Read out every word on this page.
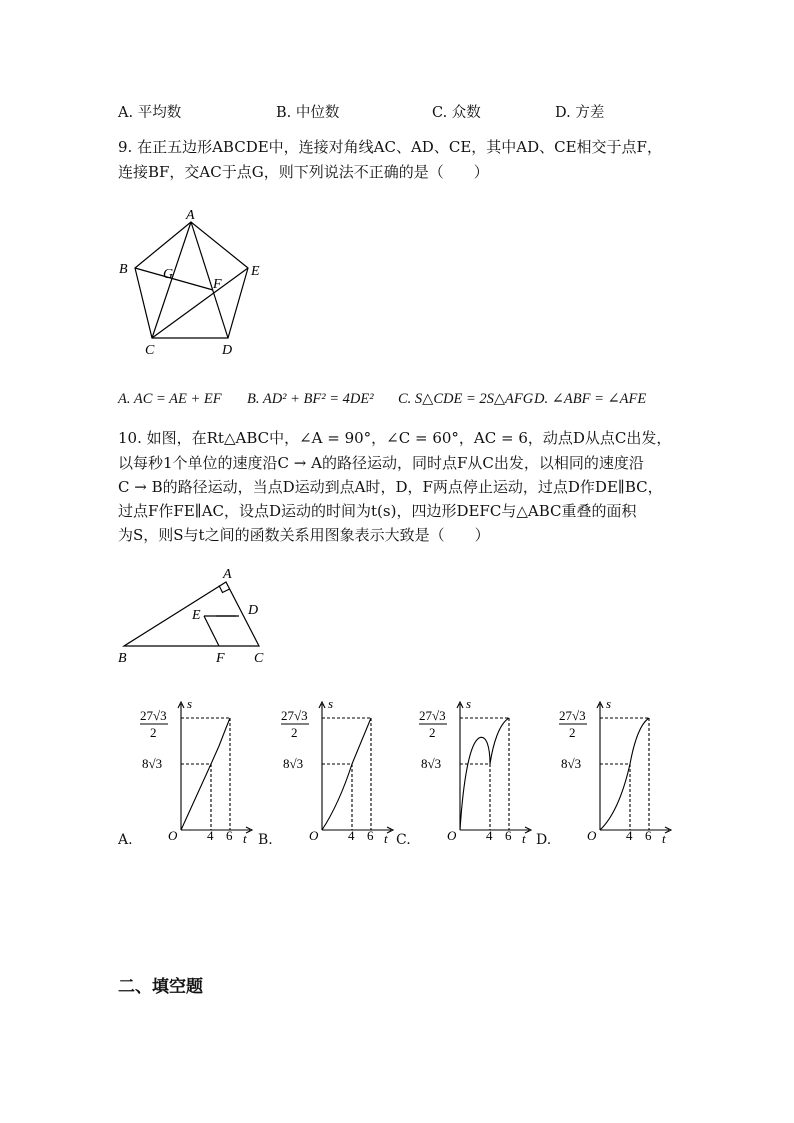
A. 平均数	B. 中位数	C. 众数	D. 方差
9. 在正五边形ABCDE中，连接对角线AC、AD、CE，其中AD、CE相交于点F，
连接BF，交AC于点G，则下列说法不正确的是（　　）
A
B	E
G
F
C	D
A. AC = AE + EF B. AD² + BF² = 4DE² C. S△CDE = 2S△AFG D. ∠ABF = ∠AFE
10. 如图，在Rt△ABC中，∠A = 90°，∠C = 60°，AC = 6，动点D从点C出发，
以每秒1个单位的速度沿C → A的路径运动，同时点F从C出发，以相同的速度沿
C → B的路径运动，当点D运动到点A时，D，F两点停止运动，过点D作DE∥BC，
过点F作FE∥AC，设点D运动的时间为t(s)，四边形DEFC与△ABC重叠的面积
为S，则S与t之间的函数关系用图象表示大致是（　　）
A
D
E
B	F C
27√3
2
8√3
s
O 4 6 t
A.
27√3
2
8√3
s
O 4 6 t
B.
27√3
2
8√3
s
O 4 6 t
C.
27√3
2
8√3
s
O 4 6 t
D.
二、填空题
